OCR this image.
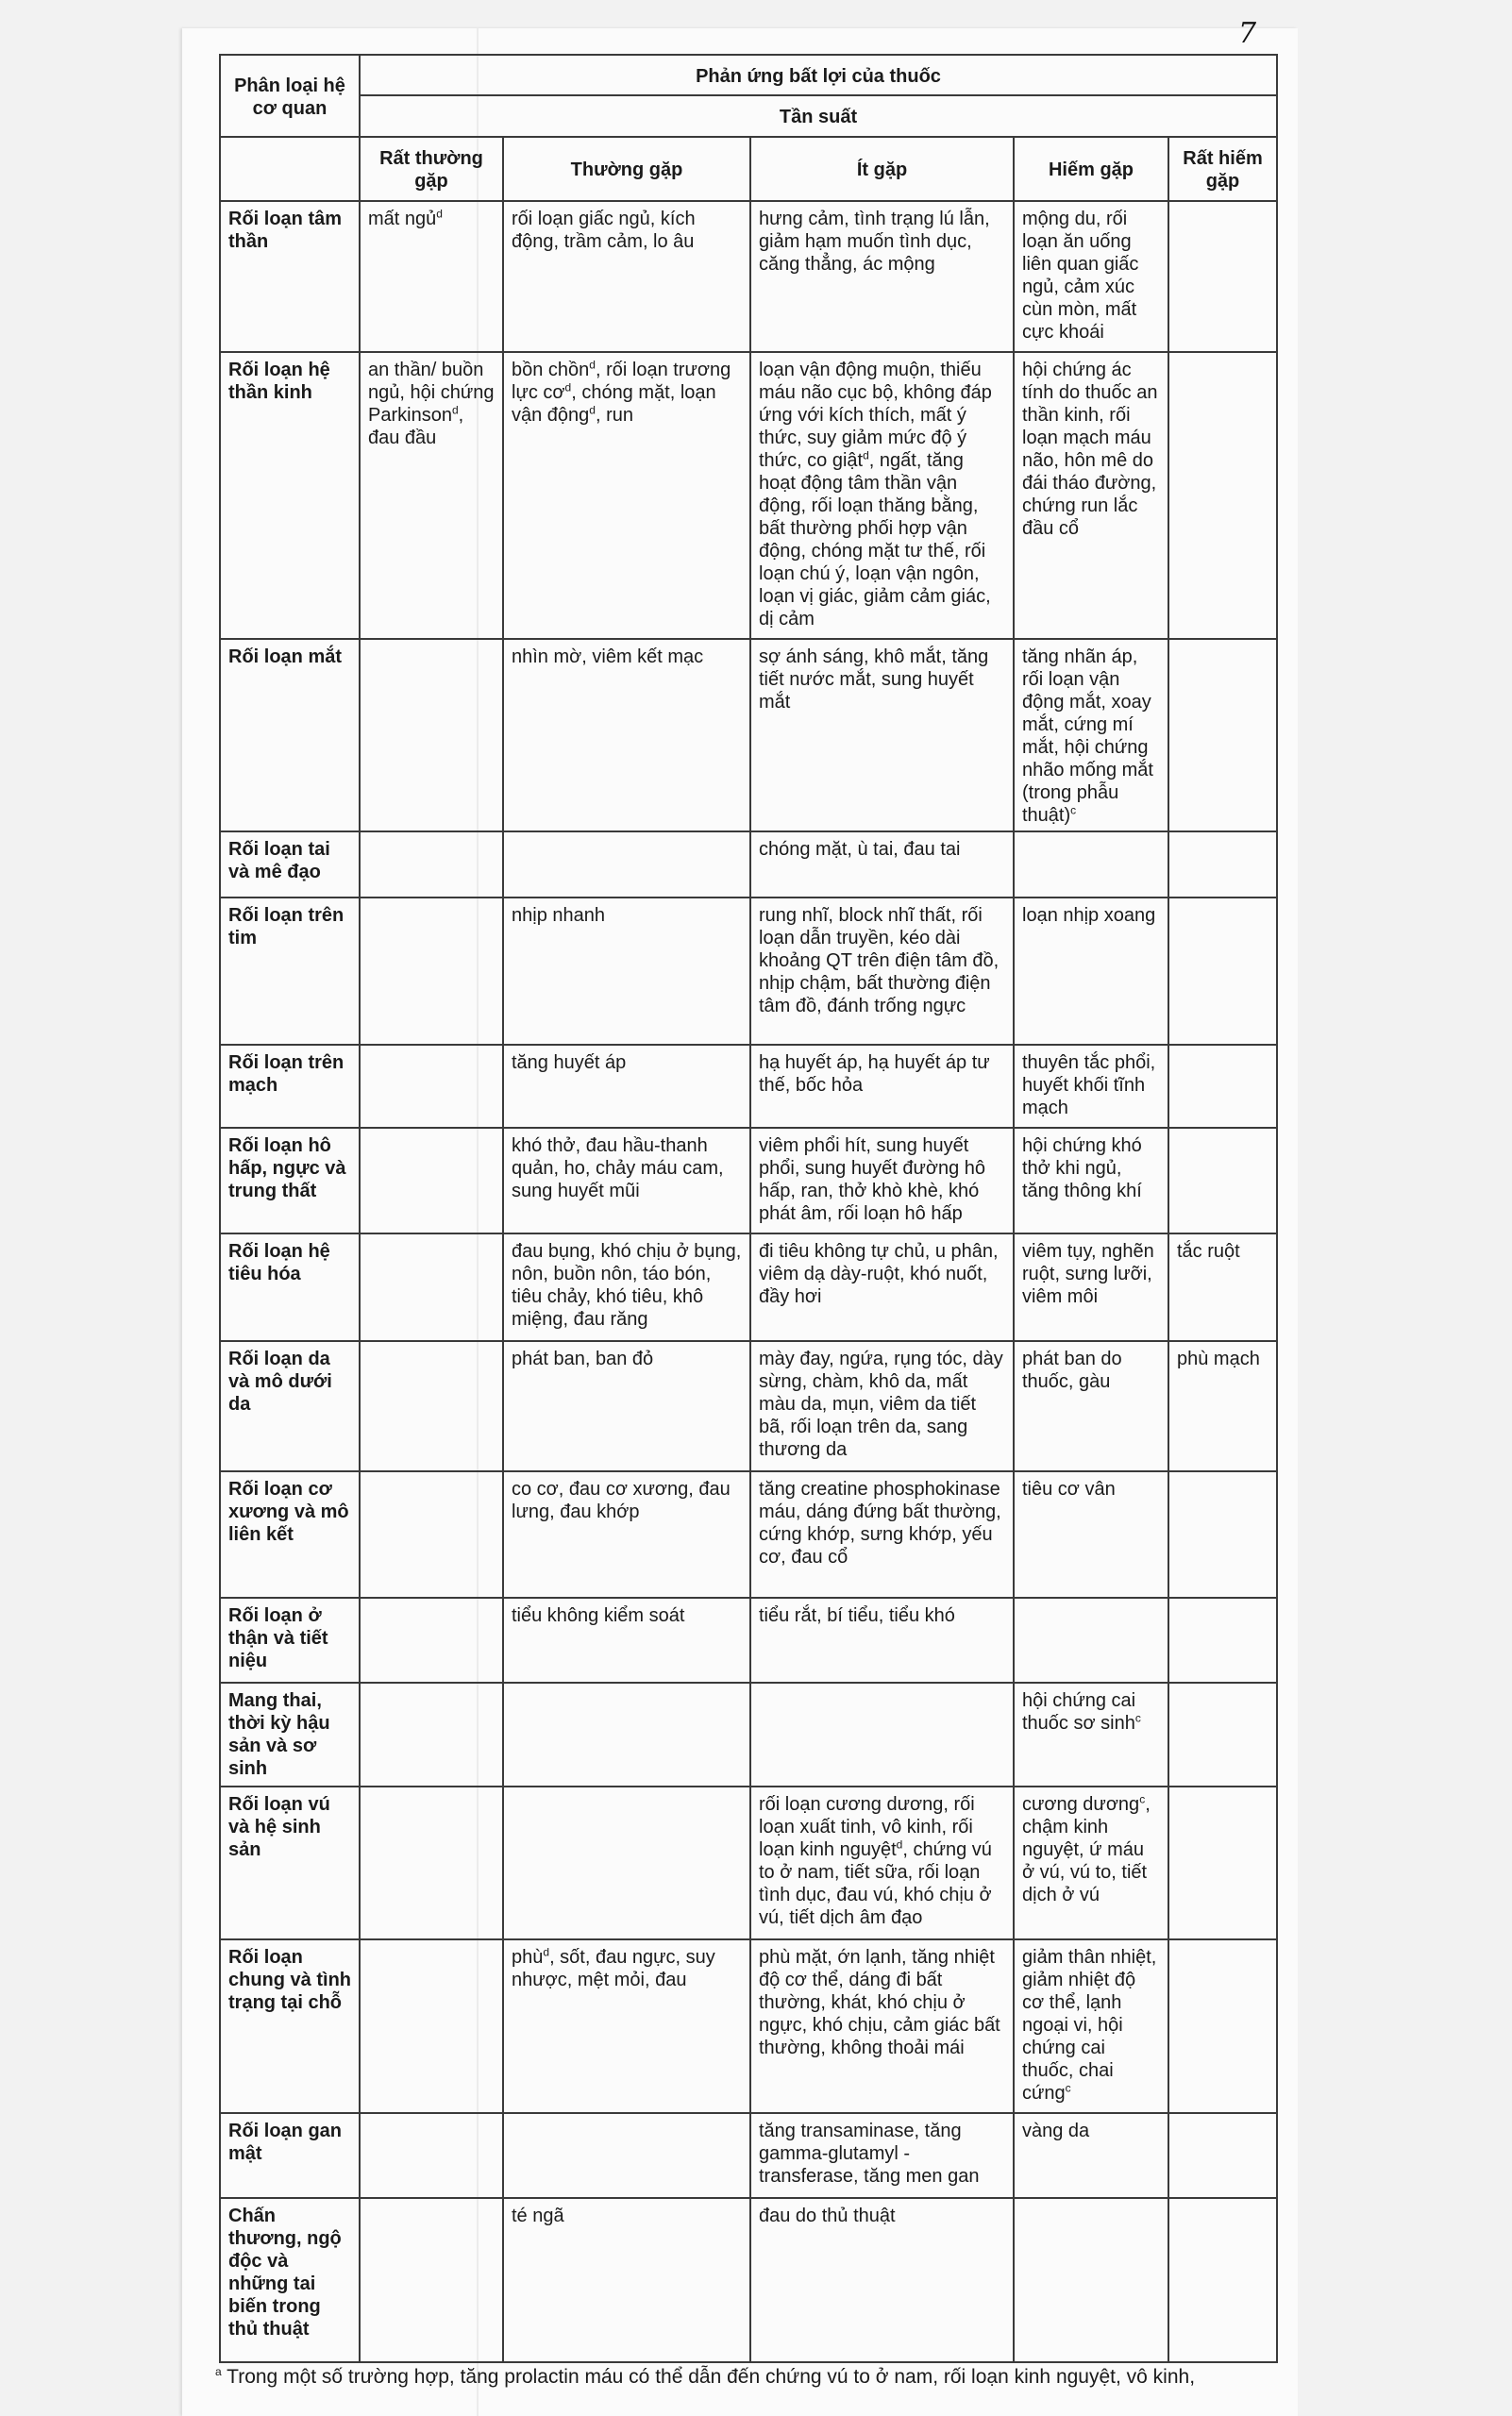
7
Phân loại hệ cơ quan	Phản ứng bất lợi của thuốc				
	Tần suất				
	Rất thường gặp	Thường gặp	Ít gặp	Hiếm gặp	Rất hiếm gặp
Rối loạn tâm thần	mất ngủ$^d$	rối loạn giấc ngủ, kích động, trầm cảm, lo âu	hưng cảm, tình trạng lú lẫn, giảm hạm muốn tình dục, căng thẳng, ác mộng	mộng du, rối loạn ăn uống liên quan giấc ngủ, cảm xúc cùn mòn, mất cực khoái	
Rối loạn hệ thần kinh	an thần/ buồn ngủ, hội chứng Parkinson$^d$, đau đầu	bồn chồn$^d$, rối loạn trương lực $cơ^d$, chóng mặt, loạn vận động$^d$, run	loạn vận động muộn, thiếu máu não cục bộ, không đáp ứng với kích thích, mất ý thức, suy giảm mức độ ý thức, co giật$^d$, ngất, tăng hoạt động tâm thần vận động, rối loạn thăng bằng, bất thường phối hợp vận động, chóng mặt tư thế, rối loạn chú ý, loạn vận ngôn, loạn vị giác, giảm cảm giác, dị cảm	hội chứng ác tính do thuốc an thần kinh, rối loạn mạch máu não, hôn mê do đái tháo đường, chứng run lắc đầu cổ	
Rối loạn mắt		nhìn mờ, viêm kết mạc	sợ ánh sáng, khô mắt, tăng tiết nước mắt, sung huyết mắt	tăng nhãn áp, rối loạn vận động mắt, xoay mắt, cứng mí mắt, hội chứng nhão mống mắt (trong phẫu thuật)$^c$	
Rối loạn tai và mê đạo			chóng mặt, ù tai, đau tai		
Rối loạn trên tim		nhịp nhanh	rung nhĩ, block nhĩ thất, rối loạn dẫn truyền, kéo dài khoảng QT trên điện tâm đồ, nhịp chậm, bất thường điện tâm đồ, đánh trống ngực	loạn nhịp xoang	
Rối loạn trên mạch		tăng huyết áp	hạ huyết áp, hạ huyết áp tư thế, bốc hỏa	thuyên tắc phổi, huyết khối tĩnh mạch	
Rối loạn hô hấp, ngực và trung thất		khó thở, đau hầu-thanh quản, ho, chảy máu cam, sung huyết mũi	viêm phổi hít, sung huyết phổi, sung huyết đường hô hấp, ran, thở khò khè, khó phát âm, rối loạn hô hấp	hội chứng khó thở khi ngủ, tăng thông khí	
Rối loạn hệ tiêu hóa		đau bụng, khó chịu ở bụng, nôn, buồn nôn, táo bón, tiêu chảy, khó tiêu, khô miệng, đau răng	đi tiêu không tự chủ, u phân, viêm dạ dày-ruột, khó nuốt, đầy hơi	viêm tụy, nghẽn ruột, sưng lưỡi, viêm môi	tắc ruột
Rối loạn da và mô dưới da		phát ban, ban đỏ	mày đay, ngứa, rụng tóc, dày sừng, chàm, khô da, mất màu da, mụn, viêm da tiết bã, rối loạn trên da, sang thương da	phát ban do thuốc, gàu	phù mạch
Rối loạn cơ xương và mô liên kết		co cơ, đau cơ xương, đau lưng, đau khớp	tăng creatine phosphokinase máu, dáng đứng bất thường, cứng khớp, sưng khớp, yếu cơ, đau cổ	tiêu cơ vân	
Rối loạn ở thận và tiết niệu		tiểu không kiểm soát	tiểu rắt, bí tiểu, tiểu khó		
Mang thai, thời kỳ hậu sản và sơ sinh				hội chứng cai thuốc sơ $\sinh^c$	
Rối loạn vú và hệ sinh sản			rối loạn cương dương, rối loạn xuất tinh, vô kinh, rối loạn kinh nguyệt$^d$, chứng vú to ở nam, tiết sữa, rối loạn tình dục, đau vú, khó chịu ở vú, tiết dịch âm đạo	cương dương$^c$, chậm kinh nguyệt, ứ máu ở vú, vú to, tiết dịch ở vú	
Rối loạn chung và tình trạng tại chỗ		phù$^d$, sốt, đau ngực, suy nhược, mệt mỏi, đau	phù mặt, ớn lạnh, tăng nhiệt độ cơ thể, dáng đi bất thường, khát, khó chịu ở ngực, khó chịu, cảm giác bất thường, không thoải mái	giảm thân nhiệt, giảm nhiệt độ cơ thể, lạnh ngoại vi, hội chứng cai thuốc, chai cứng$^c$	
Rối loạn gan mật			tăng transaminase, tăng gamma-glutamyl -transferase, tăng men gan	vàng da	
Chấn thương, ngộ độc và những tai biến trong thủ thuật		té ngã	đau do thủ thuật		
$^a$ Trong một số trường hợp, tăng prolactin máu có thể dẫn đến chứng vú to ở nam, rối loạn kinh nguyệt, vô kinh,
